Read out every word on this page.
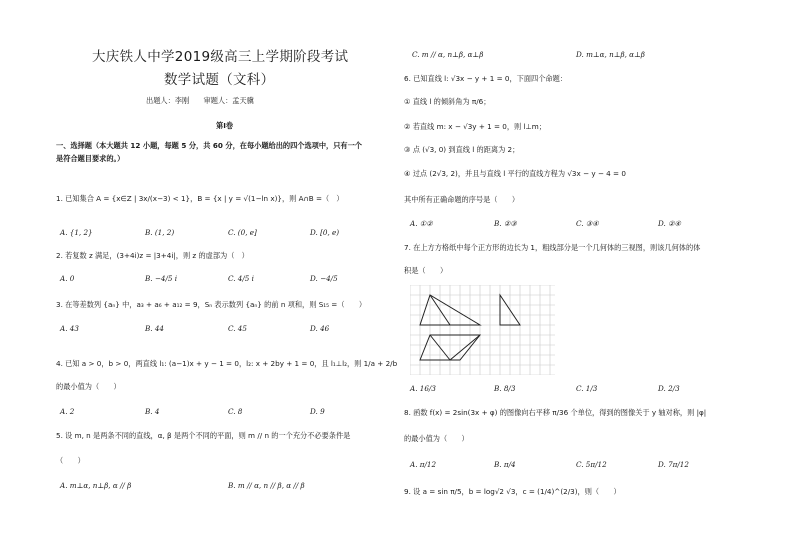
大庆铁人中学2019级高三上学期阶段考试
数学试题（文科）
出题人：李刚　　审题人：孟天骥
第Ⅰ卷
一、选择题（本大题共 12 小题，每题 5 分，共 60 分，在每小题给出的四个选项中，只有一个
是符合题目要求的。）
1. 已知集合 A = {x∈Z | 3x/(x−3) < 1}，B = {x | y = √(1−ln x)}，则 A∩B =（　）
A. {1, 2}	B. (1, 2)	C. (0, e]	D. [0, e)
2. 若复数 z 满足，(3+4i)z = |3+4i|，则 z 的虚部为（　）
A. 0	B. −4/5 i	C. 4/5 i	D. −4/5
3. 在等差数列 {aₙ} 中，a₃ + a₆ + a₁₂ = 9，Sₙ 表示数列 {aₙ} 的前 n 项和，则 S₁₅ =（　　）
A. 43	B. 44	C. 45	D. 46
4. 已知 a > 0，b > 0，两直线 l₁: (a−1)x + y − 1 = 0，l₂: x + 2by + 1 = 0，且 l₁⊥l₂，则 1/a + 2/b
的最小值为（　　）
A. 2	B. 4	C. 8	D. 9
5. 设 m, n 是两条不同的直线，α, β 是两个不同的平面，则 m // n 的一个充分不必要条件是
（　　）
A. m⊥α, n⊥β, α // β	B. m // α, n // β, α // β
C. m // α, n⊥β, α⊥β	D. m⊥α, n⊥β, α⊥β
6. 已知直线 l: √3x − y + 1 = 0，下面四个命题：
① 直线 l 的倾斜角为 π/6；
② 若直线 m: x − √3y + 1 = 0，则 l⊥m；
③ 点 (√3, 0) 到直线 l 的距离为 2；
④ 过点 (2√3, 2)，并且与直线 l 平行的直线方程为 √3x − y − 4 = 0
其中所有正确命题的序号是（　　）
A. ①②	B. ②③	C. ③④	D. ②④
7. 在上方方格纸中每个正方形的边长为 1，粗线部分是一个几何体的三视图，则该几何体的体
积是（　　）
A. 16/3	B. 8/3	C. 1/3	D. 2/3
8. 函数 f(x) = 2sin(3x + φ) 的图像向右平移 π/36 个单位，得到的图像关于 y 轴对称，则 |φ|
的最小值为（　　）
A. π/12	B. π/4	C. 5π/12	D. 7π/12
9. 设 a = sin π/5，b = log√2 √3，c = (1/4)^(2/3)，则（　　）
